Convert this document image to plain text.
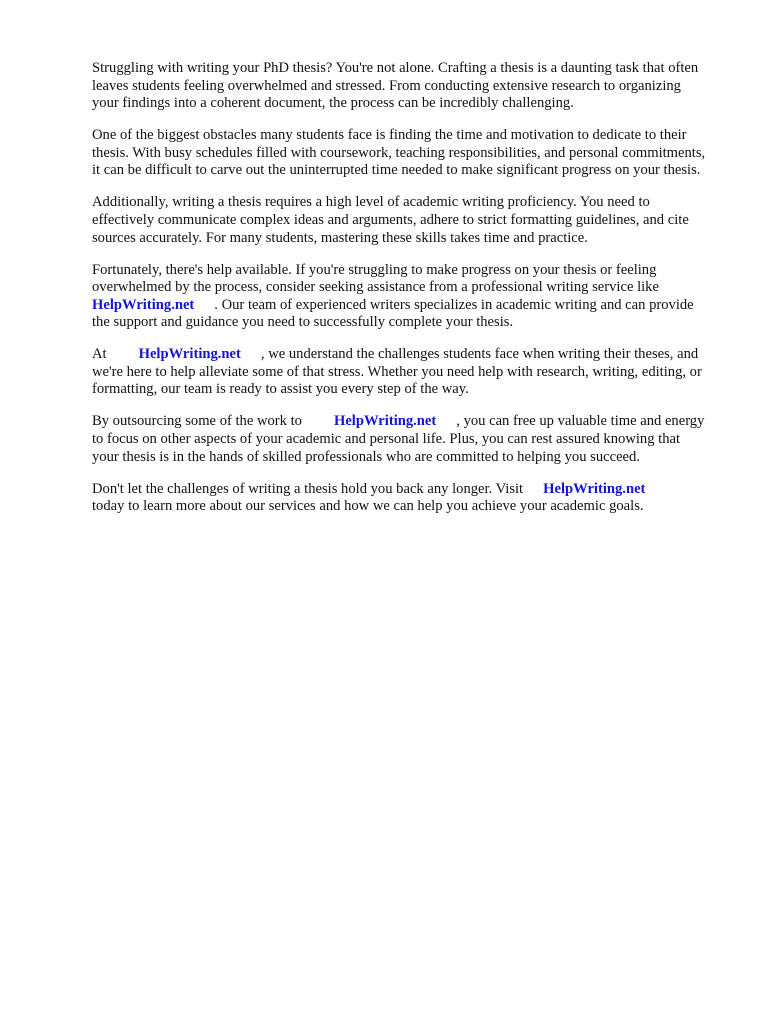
Struggling with writing your PhD thesis? You're not alone. Crafting a thesis is a daunting task that often leaves students feeling overwhelmed and stressed. From conducting extensive research to organizing your findings into a coherent document, the process can be incredibly challenging.

One of the biggest obstacles many students face is finding the time and motivation to dedicate to their thesis. With busy schedules filled with coursework, teaching responsibilities, and personal commitments, it can be difficult to carve out the uninterrupted time needed to make significant progress on your thesis.

Additionally, writing a thesis requires a high level of academic writing proficiency. You need to effectively communicate complex ideas and arguments, adhere to strict formatting guidelines, and cite sources accurately. For many students, mastering these skills takes time and practice.

Fortunately, there's help available. If you're struggling to make progress on your thesis or feeling overwhelmed by the process, consider seeking assistance from a professional writing service like
HelpWriting.net . Our team of experienced writers specializes in academic writing and can provide the support and guidance you need to successfully complete your thesis.

At HelpWriting.net , we understand the challenges students face when writing their theses, and we're here to help alleviate some of that stress. Whether you need help with research, writing, editing, or formatting, our team is ready to assist you every step of the way.

By outsourcing some of the work to HelpWriting.net , you can free up valuable time and energy to focus on other aspects of your academic and personal life. Plus, you can rest assured knowing that your thesis is in the hands of skilled professionals who are committed to helping you succeed.

Don't let the challenges of writing a thesis hold you back any longer. Visit HelpWriting.net
today to learn more about our services and how we can help you achieve your academic goals.
